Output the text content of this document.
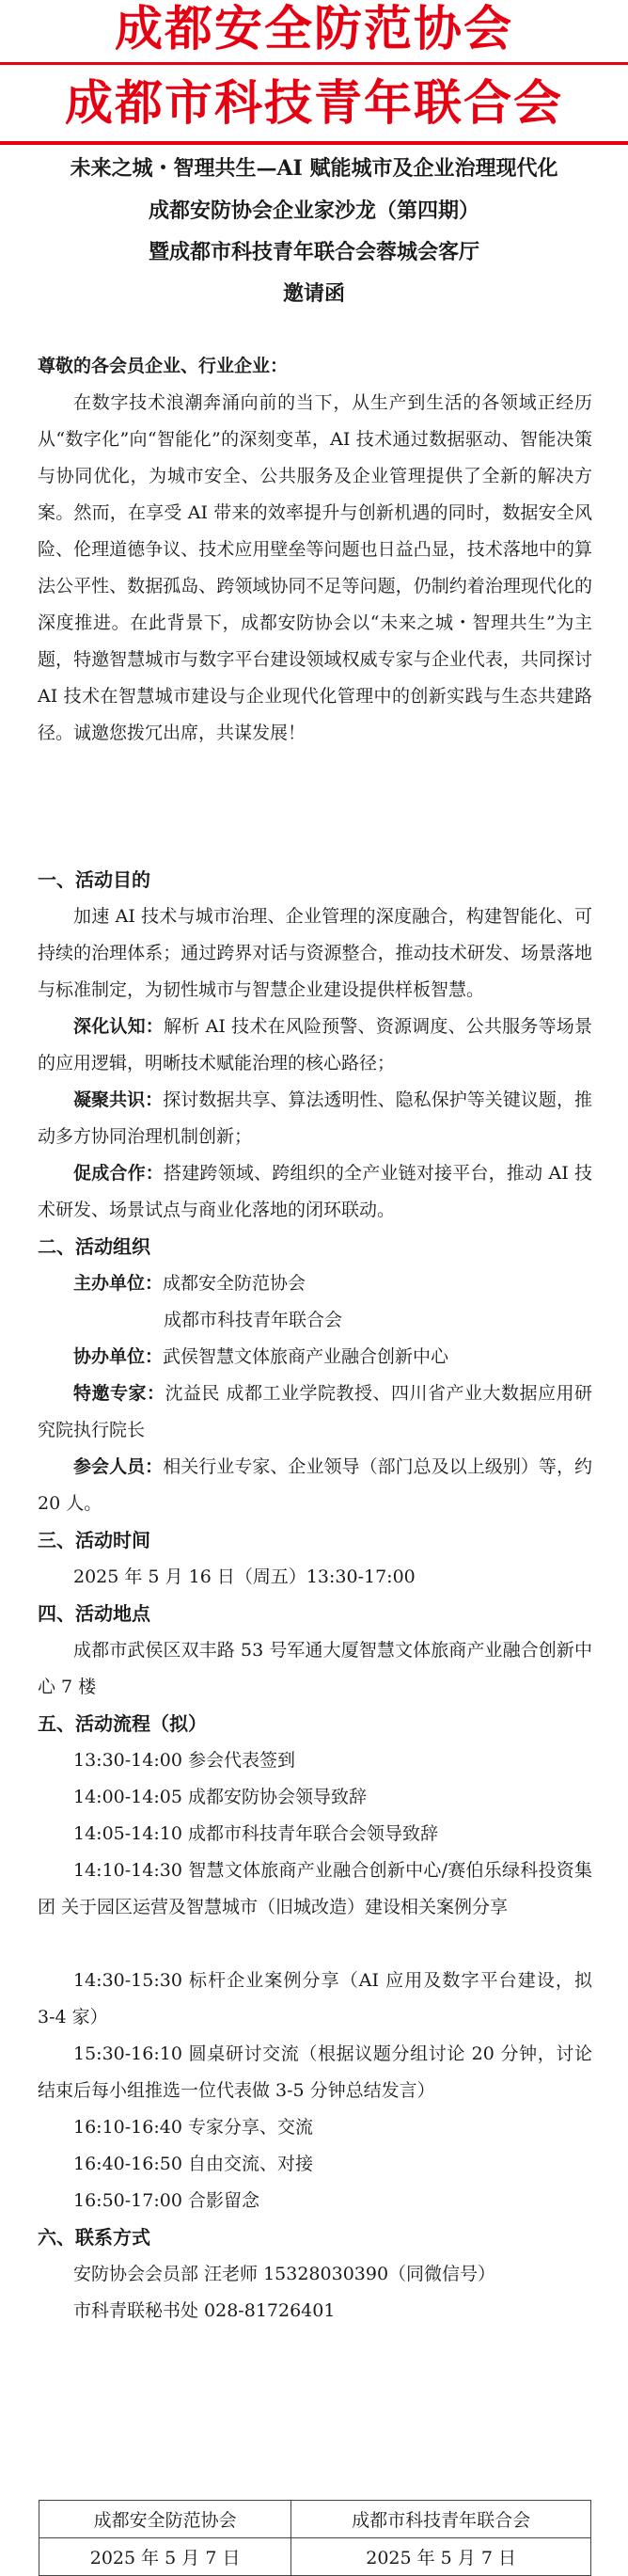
成都安全防范协会
成都市科技青年联合会
未来之城・智理共生—AI 赋能城市及企业治理现代化
成都安防协会企业家沙龙（第四期）
暨成都市科技青年联合会蓉城会客厅
邀请函
尊敬的各会员企业、行业企业：
在数字技术浪潮奔涌向前的当下，从生产到生活的各领域正经历从“数字化”向“智能化”的深刻变革，AI 技术通过数据驱动、智能决策与协同优化，为城市安全、公共服务及企业管理提供了全新的解决方案。然而，在享受 AI 带来的效率提升与创新机遇的同时，数据安全风险、伦理道德争议、技术应用壁垒等问题也日益凸显，技术落地中的算法公平性、数据孤岛、跨领域协同不足等问题，仍制约着治理现代化的深度推进。在此背景下，成都安防协会以“未来之城・智理共生”为主题，特邀智慧城市与数字平台建设领域权威专家与企业代表，共同探讨 AI 技术在智慧城市建设与企业现代化管理中的创新实践与生态共建路径。诚邀您拨冗出席，共谋发展！
一、活动目的
加速 AI 技术与城市治理、企业管理的深度融合，构建智能化、可持续的治理体系；通过跨界对话与资源整合，推动技术研发、场景落地与标准制定，为韧性城市与智慧企业建设提供样板智慧。
深化认知：解析 AI 技术在风险预警、资源调度、公共服务等场景的应用逻辑，明晰技术赋能治理的核心路径；
凝聚共识：探讨数据共享、算法透明性、隐私保护等关键议题，推动多方协同治理机制创新；
促成合作：搭建跨领域、跨组织的全产业链对接平台，推动 AI 技术研发、场景试点与商业化落地的闭环联动。
二、活动组织
主办单位：成都安全防范协会
成都市科技青年联合会
协办单位：武侯智慧文体旅商产业融合创新中心
特邀专家：沈益民 成都工业学院教授、四川省产业大数据应用研究院执行院长
参会人员：相关行业专家、企业领导（部门总及以上级别）等，约 20 人。
三、活动时间
2025 年 5 月 16 日（周五）13:30-17:00
四、活动地点
成都市武侯区双丰路 53 号军通大厦智慧文体旅商产业融合创新中心 7 楼
五、活动流程（拟）
13:30-14:00 参会代表签到
14:00-14:05 成都安防协会领导致辞
14:05-14:10 成都市科技青年联合会领导致辞
14:10-14:30 智慧文体旅商产业融合创新中心/赛伯乐绿科投资集团 关于园区运营及智慧城市（旧城改造）建设相关案例分享
14:30-15:30 标杆企业案例分享（AI 应用及数字平台建设，拟 3-4 家）
15:30-16:10 圆桌研讨交流（根据议题分组讨论 20 分钟，讨论结束后每小组推选一位代表做 3-5 分钟总结发言）
16:10-16:40 专家分享、交流
16:40-16:50 自由交流、对接
16:50-17:00 合影留念
六、联系方式
安防协会会员部 汪老师 15328030390（同微信号）
市科青联秘书处 028-81726401
成都安全防范协会	成都市科技青年联合会
2025 年 5 月 7 日	2025 年 5 月 7 日
